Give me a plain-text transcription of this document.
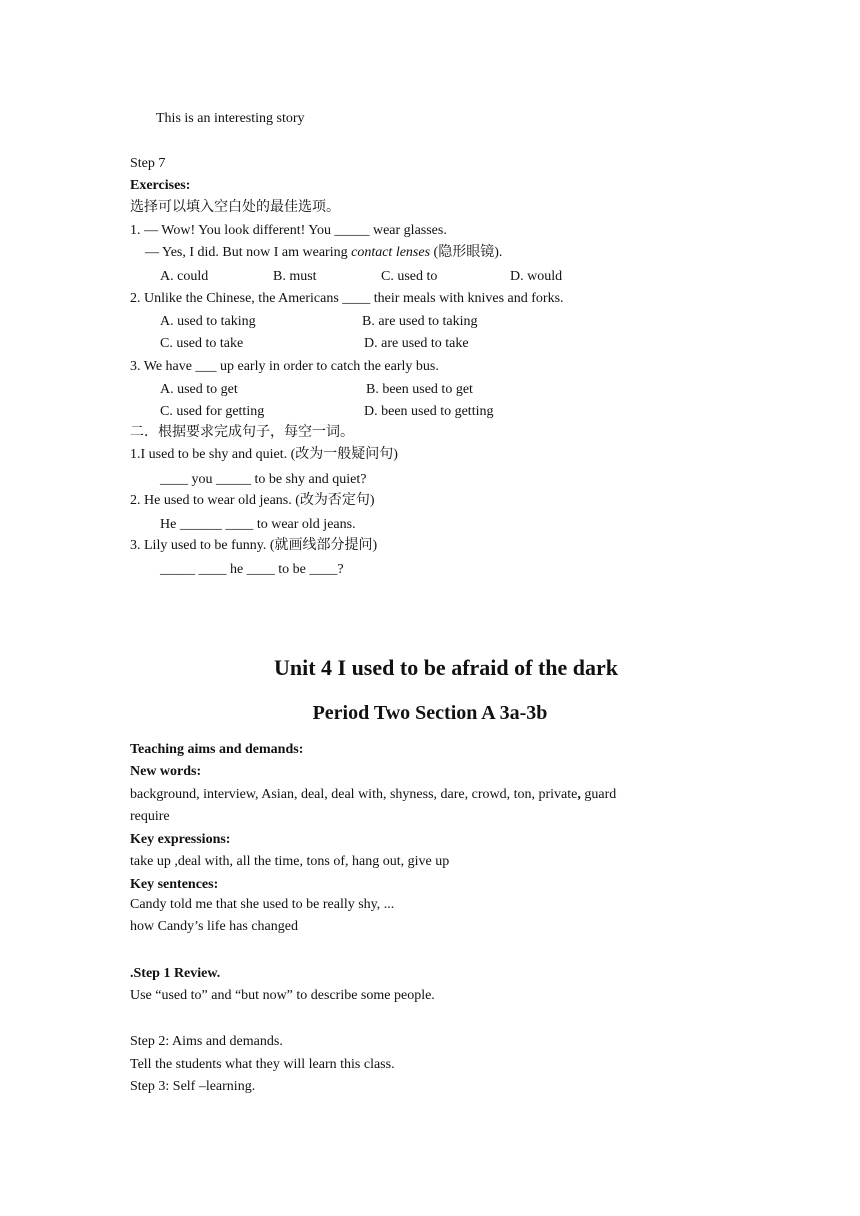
This is an interesting story
Step 7
Exercises:
选择可以填入空白处的最佳选项。
1. — Wow! You look different! You _____ wear glasses.
— Yes, I did. But now I am wearing contact lenses (隐形眼镜).
A. could	B. must	C. used to	D. would
2. Unlike the Chinese, the Americans ____ their meals with knives and forks.
A. used to taking	B. are used to taking
C. used to take	D. are used to take
3. We have ___ up early in order to catch the early bus.
A. used to get	B. been used to get
C. used for getting	D. been used to getting
二．根据要求完成句子，每空一词。
1.I used to be shy and quiet. (改为一般疑问句)
____ you _____ to be shy and quiet?
2. He used to wear old jeans. (改为否定句)
He ______ ____ to wear old jeans.
3. Lily used to be funny. (就画线部分提问)
_____ ____ he ____ to be ____?
Unit 4 I used to be afraid of the dark
Period Two Section A 3a-3b
Teaching aims and demands:
New words:
background, interview, Asian, deal, deal with, shyness, dare, crowd, ton, private, guard
require
Key expressions:
take up ,deal with, all the time, tons of, hang out, give up
Key sentences:
Candy told me that she used to be really shy, ...
how Candy’s life has changed
.Step 1 Review.
Use “used to” and “but now” to describe some people.
Step 2: Aims and demands.
Tell the students what they will learn this class.
Step 3: Self –learning.
